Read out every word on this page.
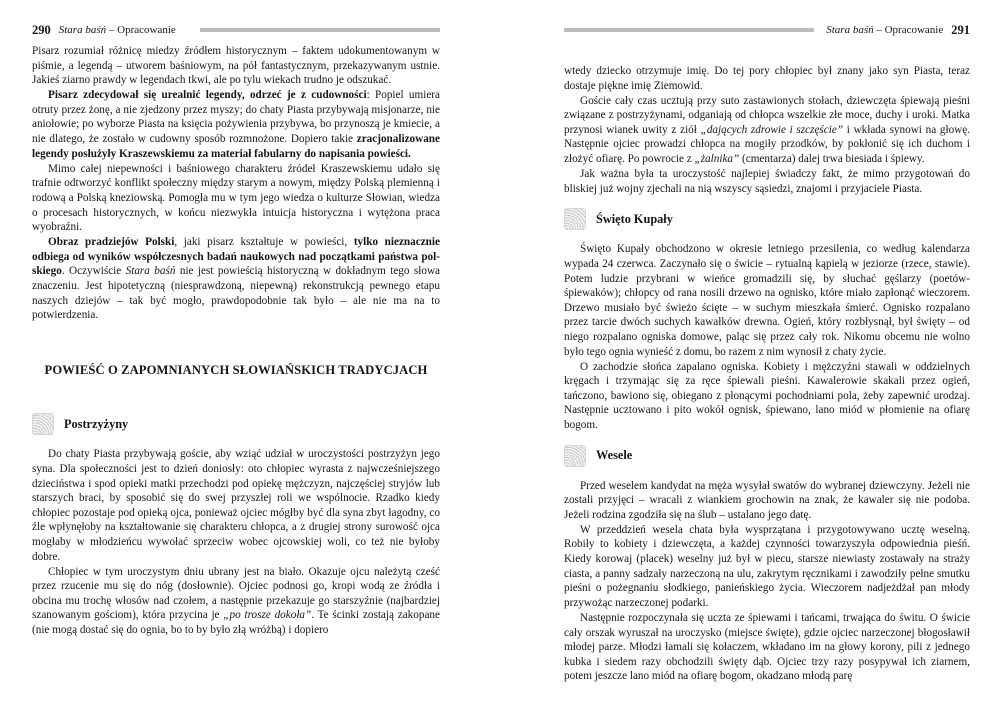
290 Stara baśń – Opracowanie

Pisarz rozumiał różnicę miedzy źródłem historycznym – faktem udokumentowanym w piśmie, a legendą – utworem baśniowym, na pół fantastycznym, przekazywanym ustnie. Jakieś ziarno prawdy w legendach tkwi, ale po tylu wiekach trudno je odszukać.

Pisarz zdecydował się urealnić legendy, odrzeć je z cudowności: Popiel umiera otruty przez żonę, a nie zjedzony przez myszy; do chaty Piasta przybywają misjonarze, nie aniołowie; po wyborze Piasta na księcia pożywienia przybywa, bo przynoszą je kmiecie, a nie dlatego, że zostało w cudowny sposób rozmnożone. Dopiero takie zracjonalizowane legendy posłużyły Kraszewskiemu za materiał fabularny do napisania powieści.

Mimo całej niepewności i baśniowego charakteru źródeł Kraszewskiemu udało się trafnie odtworzyć konflikt społeczny między starym a nowym, między Polską plemienną i rodową a Polską kneziowską. Pomogła mu w tym jego wiedza o kulturze Słowian, wiedza o procesach historycznych, w końcu niezwykła intuicja historyczna i wytężona praca wyobraźni.

Obraz pradziejów Polski, jaki pisarz kształtuje w powieści, tylko nieznacznie odbiega od wyników współczesnych badań naukowych nad początkami państwa polskiego. Oczywiście Stara baśń nie jest powieścią historyczną w dokładnym tego słowa znaczeniu. Jest hipotetyczną (niesprawdzoną, niepewną) rekonstrukcją pewnego etapu naszych dziejów – tak być mogło, prawdopodobnie tak było – ale nie ma na to potwierdzenia.

POWIEŚĆ O ZAPOMNIANYCH SŁOWIAŃSKICH TRADYCJACH
Postrzyżyny

Do chaty Piasta przybywają goście, aby wziąć udział w uroczystości postrzyżyn jego syna. Dla społeczności jest to dzień doniosły: oto chłopiec wyrasta z najwcześniejszego dzieciństwa i spod opieki matki przechodzi pod opiekę mężczyzn, najczęściej stryjów lub starszych braci, by sposobić się do swej przyszłej roli we wspólnocie. Rzadko kiedy chłopiec pozostaje pod opieką ojca, ponieważ ojciec mógłby być dla syna zbyt łagodny, co źle wpłynęłoby na kształtowanie się charakteru chłopca, a z drugiej strony surowość ojca mogłaby w młodzieńcu wywołać sprzeciw wobec ojcowskiej woli, co też nie byłoby dobre.

Chłopiec w tym uroczystym dniu ubrany jest na biało. Okazuje ojcu należytą cześć przez rzucenie mu się do nóg (dosłownie). Ojciec podnosi go, kropi wodą ze źródła i obcina mu trochę włosów nad czołem, a następnie przekazuje go starszyźnie (najbardziej szanowanym gościom), która przycina je „po trosze dokoła”. Te ścinki zostają zakopane (nie mogą dostać się do ognia, bo to by było złą wróżbą) i dopiero

Stara baśń – Opracowanie 291

wtedy dziecko otrzymuje imię. Do tej pory chłopiec był znany jako syn Piasta, teraz dostaje piękne imię Ziemowid.

Goście cały czas ucztują przy suto zastawionych stołach, dziewczęta śpiewają pieśni związane z postrzyżynami, odganiają od chłopca wszelkie złe moce, duchy i uroki. Matka przynosi wianek uwity z ziół „dających zdrowie i szczęście” i wkłada synowi na głowę. Następnie ojciec prowadzi chłopca na mogiły przodków, by pokłonić się ich duchom i złożyć ofiarę. Po powrocie z „żalnika” (cmentarza) dalej trwa biesiada i śpiewy.

Jak ważna była ta uroczystość najlepiej świadczy fakt, że mimo przygotowań do bliskiej już wojny zjechali na nią wszyscy sąsiedzi, znajomi i przyjaciele Piasta.

Święto Kupały

Święto Kupały obchodzono w okresie letniego przesilenia, co według kalendarza wypada 24 czerwca. Zaczynało się o świcie – rytualną kąpielą w jeziorze (rzece, stawie). Potem ludzie przybrani w wieńce gromadzili się, by słuchać gęślarzy (poetów-śpiewaków); chłopcy od rana nosili drzewo na ognisko, które miało zapłonąć wieczorem. Drzewo musiało być świeżo ścięte – w suchym mieszkała śmierć. Ognisko rozpalano przez tarcie dwóch suchych kawałków drewna. Ogień, który rozbłysnął, był święty – od niego rozpalano ogniska domowe, paląc się przez cały rok. Nikomu obcemu nie wolno było tego ognia wynieść z domu, bo razem z nim wynosił z chaty życie.

O zachodzie słońca zapalano ogniska. Kobiety i mężczyźni stawali w oddzielnych kręgach i trzymając się za ręce śpiewali pieśni. Kawalerowie skakali przez ogień, tańczono, bawiono się, obiegano z płonącymi pochodniami pola, żeby zapewnić urodzaj. Następnie ucztowano i pito wokół ognisk, śpiewano, lano miód w płomienie na ofiarę bogom.

Wesele

Przed weselem kandydat na męża wysyłał swatów do wybranej dziewczyny. Jeżeli nie zostali przyjęci – wracali z wiankiem grochowin na znak, że kawaler się nie podoba. Jeżeli rodzina zgodziła się na ślub – ustalano jego datę.

W przeddzień wesela chata była wysprzątana i przygotowywano ucztę weselną. Robiły to kobiety i dziewczęta, a każdej czynności towarzyszyła odpowiednia pieśń. Kiedy korowaj (placek) weselny już był w piecu, starsze niewiasty zostawały na straży ciasta, a panny sadzały narzeczoną na ulu, zakrytym ręcznikami i zawodziły pełne smutku pieśni o pożegnaniu słodkiego, panieńskiego życia. Wieczorem nadjeżdżał pan młody przywożąc narzeczonej podarki.

Następnie rozpoczynała się uczta ze śpiewami i tańcami, trwająca do świtu. O świcie cały orszak wyruszał na uroczysko (miejsce święte), gdzie ojciec narzeczonej błogosławił młodej parze. Młodzi łamali się kołaczem, wkładano im na głowy korony, pili z jednego kubka i siedem razy obchodzili święty dąb. Ojciec trzy razy posypywał ich ziarnem, potem jeszcze lano miód na ofiarę bogom, okadzano młodą parę
